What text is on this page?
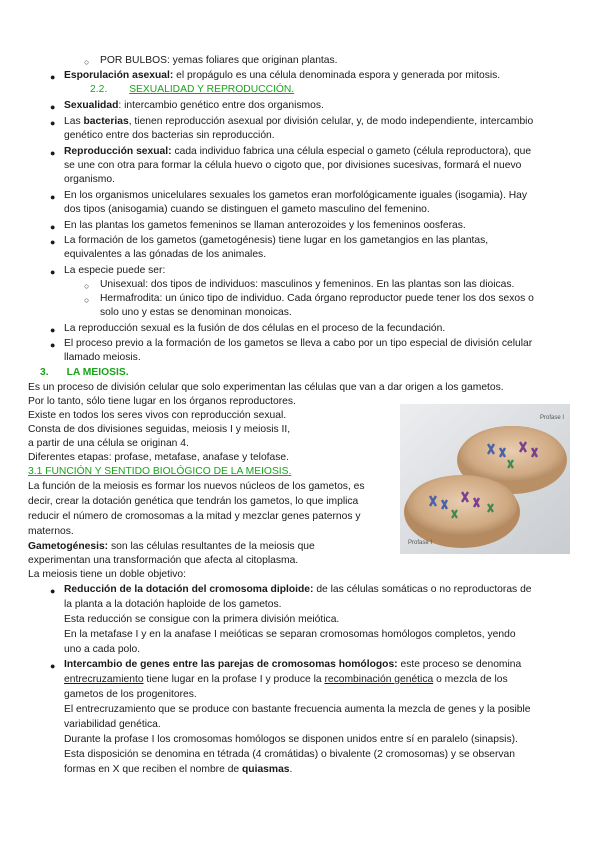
○ POR BULBOS: yemas foliares que originan plantas.
● Esporulación asexual: el propágulo es una célula denominada espora y generada por mitosis.
2.2. SEXUALIDAD Y REPRODUCCIÓN.
● Sexualidad: intercambio genético entre dos organismos.
● Las bacterias, tienen reproducción asexual por división celular, y, de modo independiente, intercambio
genético entre dos bacterias sin reproducción.
● Reproducción sexual: cada individuo fabrica una célula especial o gameto (célula reproductora), que
se une con otra para formar la célula huevo o cigoto que, por divisiones sucesivas, formará el nuevo
organismo.
● En los organismos unicelulares sexuales los gametos eran morfológicamente iguales (isogamia). Hay
dos tipos (anisogamia) cuando se distinguen el gameto masculino del femenino.
● En las plantas los gametos femeninos se llaman anterozoides y los femeninos oosferas.
● La formación de los gametos (gametogénesis) tiene lugar en los gametangios en las plantas,
equivalentes a las gónadas de los animales.
● La especie puede ser:
○ Unisexual: dos tipos de individuos: masculinos y femeninos. En las plantas son las dioicas.
○ Hermafrodita: un único tipo de individuo. Cada órgano reproductor puede tener los dos sexos o
solo uno y estas se denominan monoicas.
● La reproducción sexual es la fusión de dos células en el proceso de la fecundación.
● El proceso previo a la formación de los gametos se lleva a cabo por un tipo especial de división celular
llamado meiosis.
3. LA MEIOSIS.
Es un proceso de división celular que solo experimentan las células que van a dar origen a los gametos.
Por lo tanto, sólo tiene lugar en los órganos reproductores.
Existe en todos los seres vivos con reproducción sexual.
Consta de dos divisiones seguidas, meiosis I y meiosis II,
a partir de una célula se originan 4.
Diferentes etapas: profase, metafase, anafase y telofase.
3.1 FUNCIÓN Y SENTIDO BIOLÓGICO DE LA MEIOSIS.
La función de la meiosis es formar los nuevos núcleos de los gametos, es
decir, crear la dotación genética que tendrán los gametos, lo que implica
reducir el número de cromosomas a la mitad y mezclar genes paternos y
maternos.
Gametogénesis: son las células resultantes de la meiosis que
experimentan una transformación que afecta al citoplasma.
La meiosis tiene un doble objetivo:
● Reducción de la dotación del cromosoma diploide: de las células somáticas o no reproductoras de
la planta a la dotación haploide de los gametos.
Esta reducción se consigue con la primera división meiótica.
En la metafase I y en la anafase I meióticas se separan cromosomas homólogos completos, yendo
uno a cada polo.
● Intercambio de genes entre las parejas de cromosomas homólogos: este proceso se denomina
entrecruzamiento tiene lugar en la profase I y produce la recombinación genética o mezcla de los
gametos de los progenitores.
El entrecruzamiento que se produce con bastante frecuencia aumenta la mezcla de genes y la posible
variabilidad genética.
Durante la profase I los cromosomas homólogos se disponen unidos entre sí en paralelo (sinapsis).
Esta disposición se denomina en tétrada (4 cromátidas) o bivalente (2 cromosomas) y se observan
formas en X que reciben el nombre de quiasmas.
Profase I
Profase I
